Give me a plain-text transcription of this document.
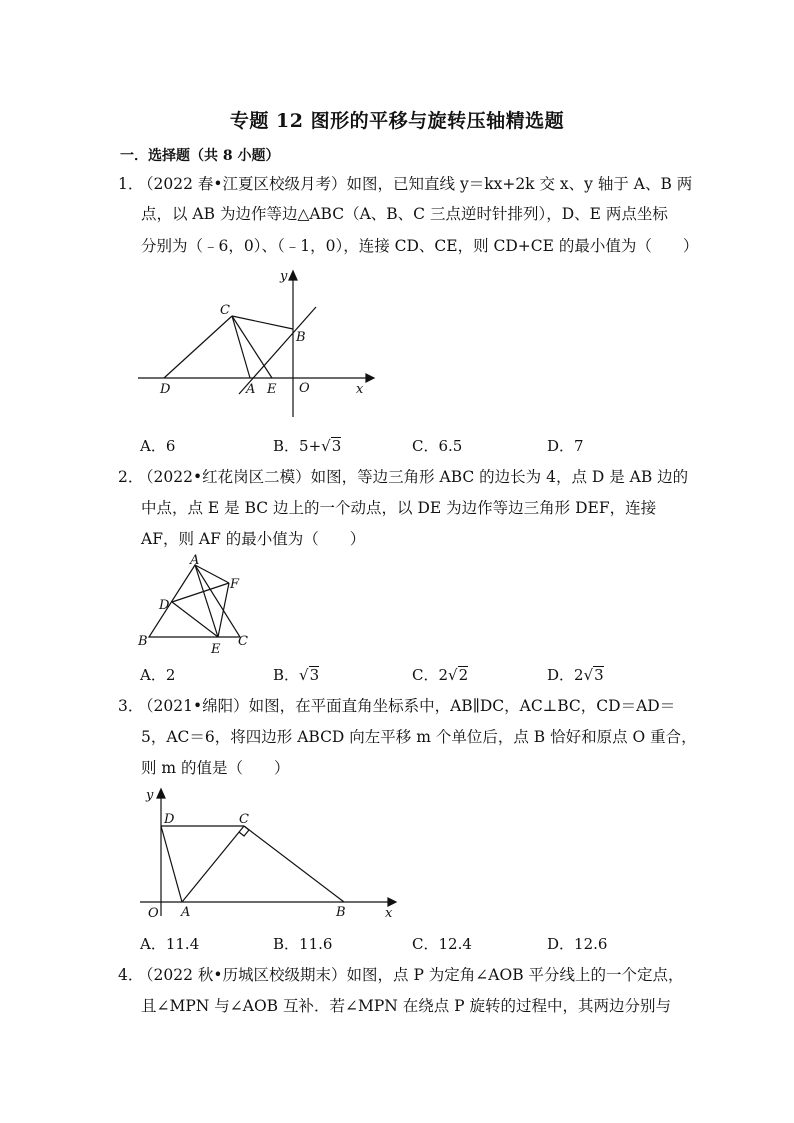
专题 12 图形的平移与旋转压轴精选题
一．选择题（共 8 小题）
1．（2022 春•江夏区校级月考）如图，已知直线 y＝kx+2k 交 x、y 轴于 A、B 两
点，以 AB 为边作等边△ABC（A、B、C 三点逆时针排列），D、E 两点坐标
分别为（﹣6，0）、（﹣1，0），连接 CD、CE，则 CD+CE 的最小值为（　　）
y
x
C
B
D	A E O
A．6	B．5+√3	C．6.5	D．7
2．（2022•红花岗区二模）如图，等边三角形 ABC 的边长为 4，点 D 是 AB 边的
中点，点 E 是 BC 边上的一个动点，以 DE 为边作等边三角形 DEF，连接
AF，则 AF 的最小值为（　　）
A
F
D
B
E
C
A．2	B．√3	C．2√2	D．2√3
3．（2021•绵阳）如图，在平面直角坐标系中，AB∥DC，AC⊥BC，CD＝AD＝
5，AC＝6，将四边形 ABCD 向左平移 m 个单位后，点 B 恰好和原点 O 重合，
则 m 的值是（　　）
y
D	C
O A	B	x
A．11.4	B．11.6	C．12.4	D．12.6
4．（2022 秋•历城区校级期末）如图，点 P 为定角∠AOB 平分线上的一个定点，
且∠MPN 与∠AOB 互补．若∠MPN 在绕点 P 旋转的过程中，其两边分别与
